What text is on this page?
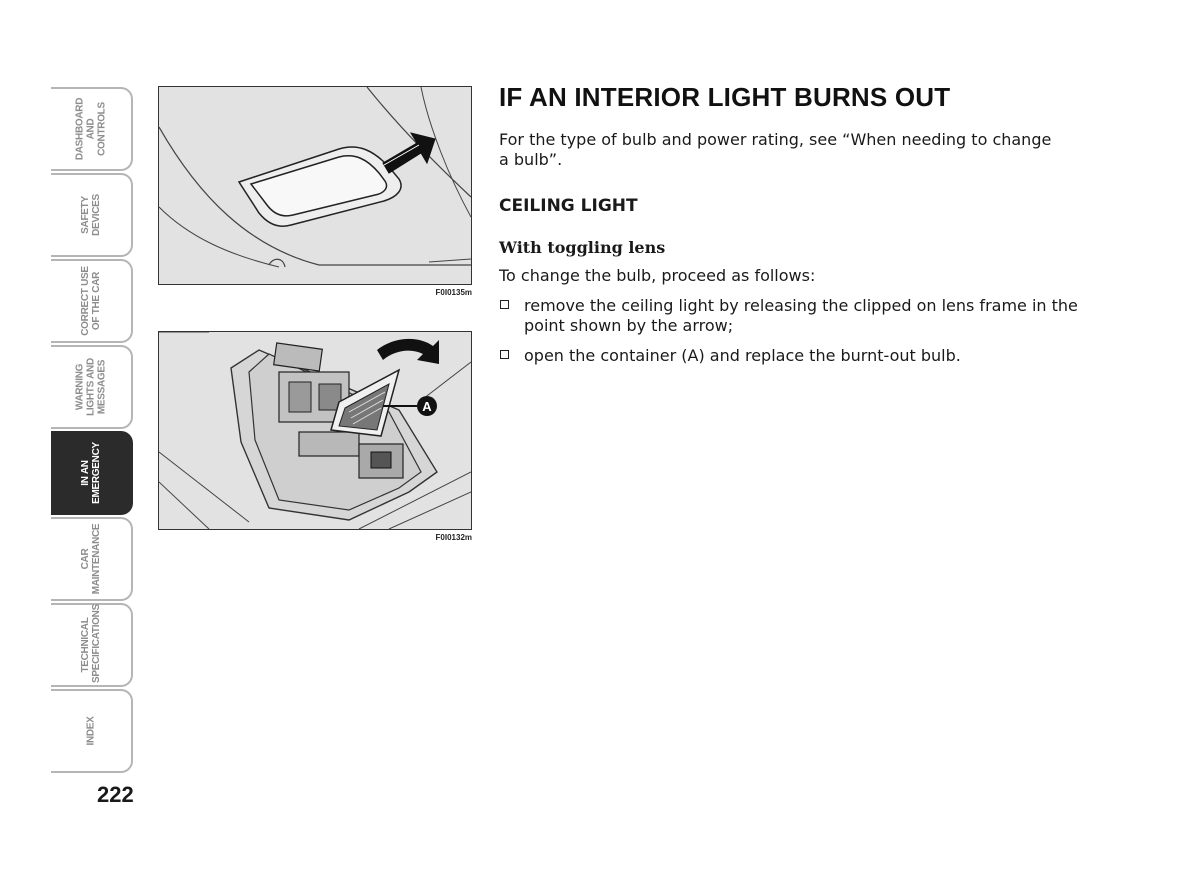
DASHBOARD
AND
CONTROLS
SAFETY
DEVICES
CORRECT USE
OF THE CAR
WARNING
LIGHTS AND
MESSAGES
IN AN
EMERGENCY
CAR
MAINTENANCE
TECHNICAL
SPECIFICATIONS
INDEX
222
F0I0135m
A
F0I0132m
IF AN INTERIOR LIGHT BURNS OUT

For the type of bulb and power rating, see “When needing to change a bulb”.

CEILING LIGHT
With toggling lens

To change the bulb, proceed as follows:

remove the ceiling light by releasing the clipped on lens frame in the point shown by the arrow;
open the container (A) and replace the burnt-out bulb.
